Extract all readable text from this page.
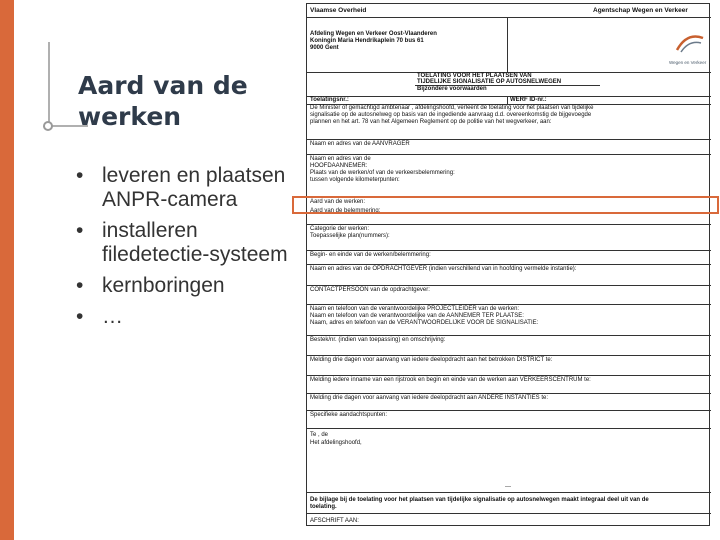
Aard van de werken
• leveren en plaatsen ANPR-camera
• installeren filedetectie-systeem
• kernboringen
• …
Vlaamse Overheid	Agentschap Wegen en Verkeer
Afdeling Wegen en Verkeer Oost-Vlaanderen
Koningin Maria Hendrikaplein 70 bus 61
9000 Gent
Wegen en Verkeer
TOELATING VOOR HET PLAATSEN VAN
TIJDELIJKE SIGNALISATIE OP AUTOSNELWEGEN
Bijzondere voorwaarden
Toelatingsnr.:	WERF ID-nr.:
De Minister of gemachtigd ambtenaar , afdelingshoofd, verleent de toelating voor het plaatsen van tijdelijke
signalisatie op de autosnelweg op basis van de ingediende aanvraag d.d. overeenkomstig de bijgevoegde
plannen en het art. 78 van het Algemeen Reglement op de politie van het wegverkeer, aan:
Naam en adres van de AANVRAGER
Naam en adres van de
HOOFDAANNEMER:
Plaats van de werken/of van de verkeersbelemmering:
tussen volgende kilometerpunten:
Aard van de werken:
Aard van de belemmering:
Categorie der werken:
Toepasselijke plan(nummers):
Begin- en einde van de werken/belemmering:
Naam en adres van de OPDRACHTGEVER (indien verschillend van in hoofding vermelde instantie):
CONTACTPERSOON van de opdrachtgever:
Naam en telefoon van de verantwoordelijke PROJECTLEIDER van de werken:
Naam en telefoon van de verantwoordelijke van de AANNEMER TER PLAATSE:
Naam, adres en telefoon van de VERANTWOORDELIJKE VOOR DE SIGNALISATIE:
Bestek/nr. (indien van toepassing) en omschrijving:
Melding drie dagen voor aanvang van iedere deelopdracht aan het betrokken DISTRICT te:
Melding iedere inname van een rijstrook en begin en einde van de werken aan VERKEERSCENTRUM te:
Melding drie dagen voor aanvang van iedere deelopdracht aan ANDERE INSTANTIES te:
Specifieke aandachtspunten:
Te , de
Het afdelingshoofd,
---
De bijlage bij de toelating voor het plaatsen van tijdelijke signalisatie op autosnelwegen maakt integraal deel uit van de
toelating.
AFSCHRIFT AAN:
